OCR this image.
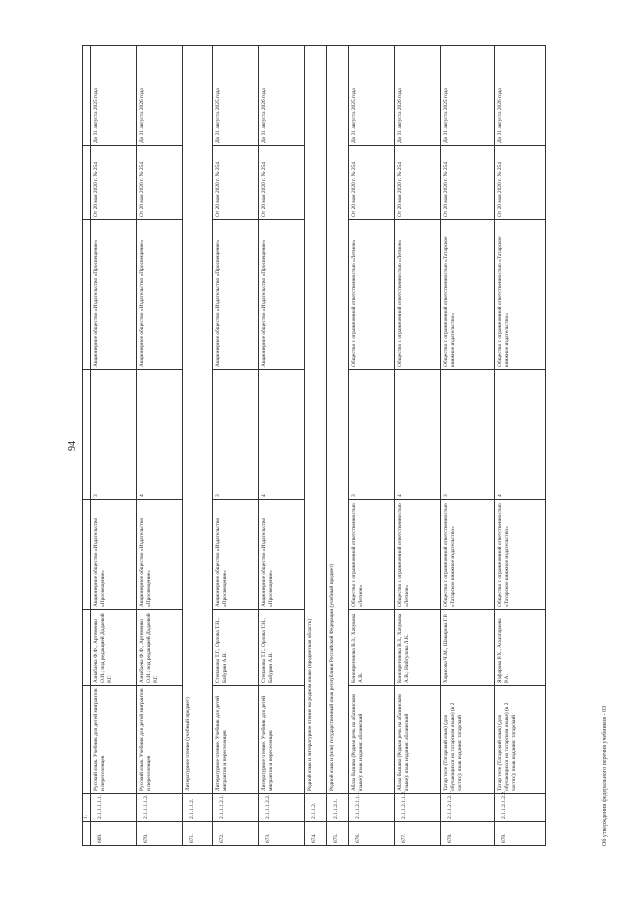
94
	1.							
669.	2.1.1.1.1.1.	Русский язык. Учебник для детей мигрантов и переселенцев	Азнабаева Ф.Ф., Артеменко О.И.; под редакцией Дадаевой Р.Г.	Акционерное общество «Издательство «Просвещение»	3	Акционерное общество «Издательство «Просвещение»	От 20 мая 2020 г. № 254	До 31 августа 2025 года
670.	2.1.1.1.1.2.	Русский язык. Учебник для детей мигрантов и переселенцев	Азнабаева Ф.Ф., Артеменко О.И.; под редакцией Дадаевой Р.Г.	Акционерное общество «Издательство «Просвещение»	4	Акционерное общество «Издательство «Просвещение»	От 20 мая 2020 г. № 254	До 31 августа 2026 года
671.	2.1.1.1.2.	Литературное чтение (учебный предмет)						
672.	2.1.1.1.2.1.	Литературное чтение. Учебник для детей мигрантов и переселенцев	Степанова Т.Г., Орлова Т.Н., Бабурин А.В.	Акционерное общество «Издательство «Просвещение»	3	Акционерное общество «Издательство «Просвещение»	От 20 мая 2020 г. № 254	До 31 августа 2025 года
673.	2.1.1.1.2.2.	Литературное чтение. Учебник для детей мигрантов и переселенцев	Степанова Т.Г., Орлова Т.Н., Бабурин А.В.	Акционерное общество «Издательство «Просвещение»	4	Акционерное общество «Издательство «Просвещение»	От 20 мая 2020 г. № 254	До 31 августа 2026 года
674.	2.1.1.2.	Родной язык и литературное чтение на родном языке (предметная область)						
675.	2.1.1.2.1.	Родной язык и (или) государственный язык республики Российской Федерации (учебный предмет)						
676.	2.1.1.2.1.1.1.	Абаза бызшва (Родная речь на абазинском языке): язык издания: абазинский	Конопрегонова В.З., Хачукова А.В.	Общество с ограниченной ответственностью «Летион»	3	Общество с ограниченной ответственностью «Летион»	От 20 мая 2020 г. № 254	До 31 августа 2025 года
677.	2.1.1.2.1.1.2.	Абаза бызшва (Родная речь на абазинском языке): язык издания: абазинский	Конопрегонова В.З., Хачукова А.В.; Нибгулова Л.К.	Общество с ограниченной ответственностью «Летион»	4	Общество с ограниченной ответственностью «Летион»	От 20 мая 2020 г. № 254	До 31 августа 2026 года
678.	2.1.1.2.1.2.1.	Татар теле (Татарский язык) (для обучающихся на татарском языке) (в 2 частях); язык издания: татарский	Харисова Ч.М., Шакирова Г.Р.	Общество с ограниченной ответственностью «Татарское книжное издательство»	3	Общество с ограниченной ответственностью «Татарское книжное издательство»	От 20 мая 2020 г. № 254	До 31 августа 2025 года
679.	2.1.1.2.1.2.2.	Татар теле (Татарский язык) (для обучающихся на татарском языке) (в 2 частях); язык издания: татарский	Яхфарова Р.Х., Асылгараева Р.А.	Общество с ограниченной ответственностью «Татарское книжное издательство»	4	Общество с ограниченной ответственностью «Татарское книжное издательство»	От 20 мая 2020 г. № 254	До 31 августа 2026 года
Об утверждении федерального перечня учебников - 03
